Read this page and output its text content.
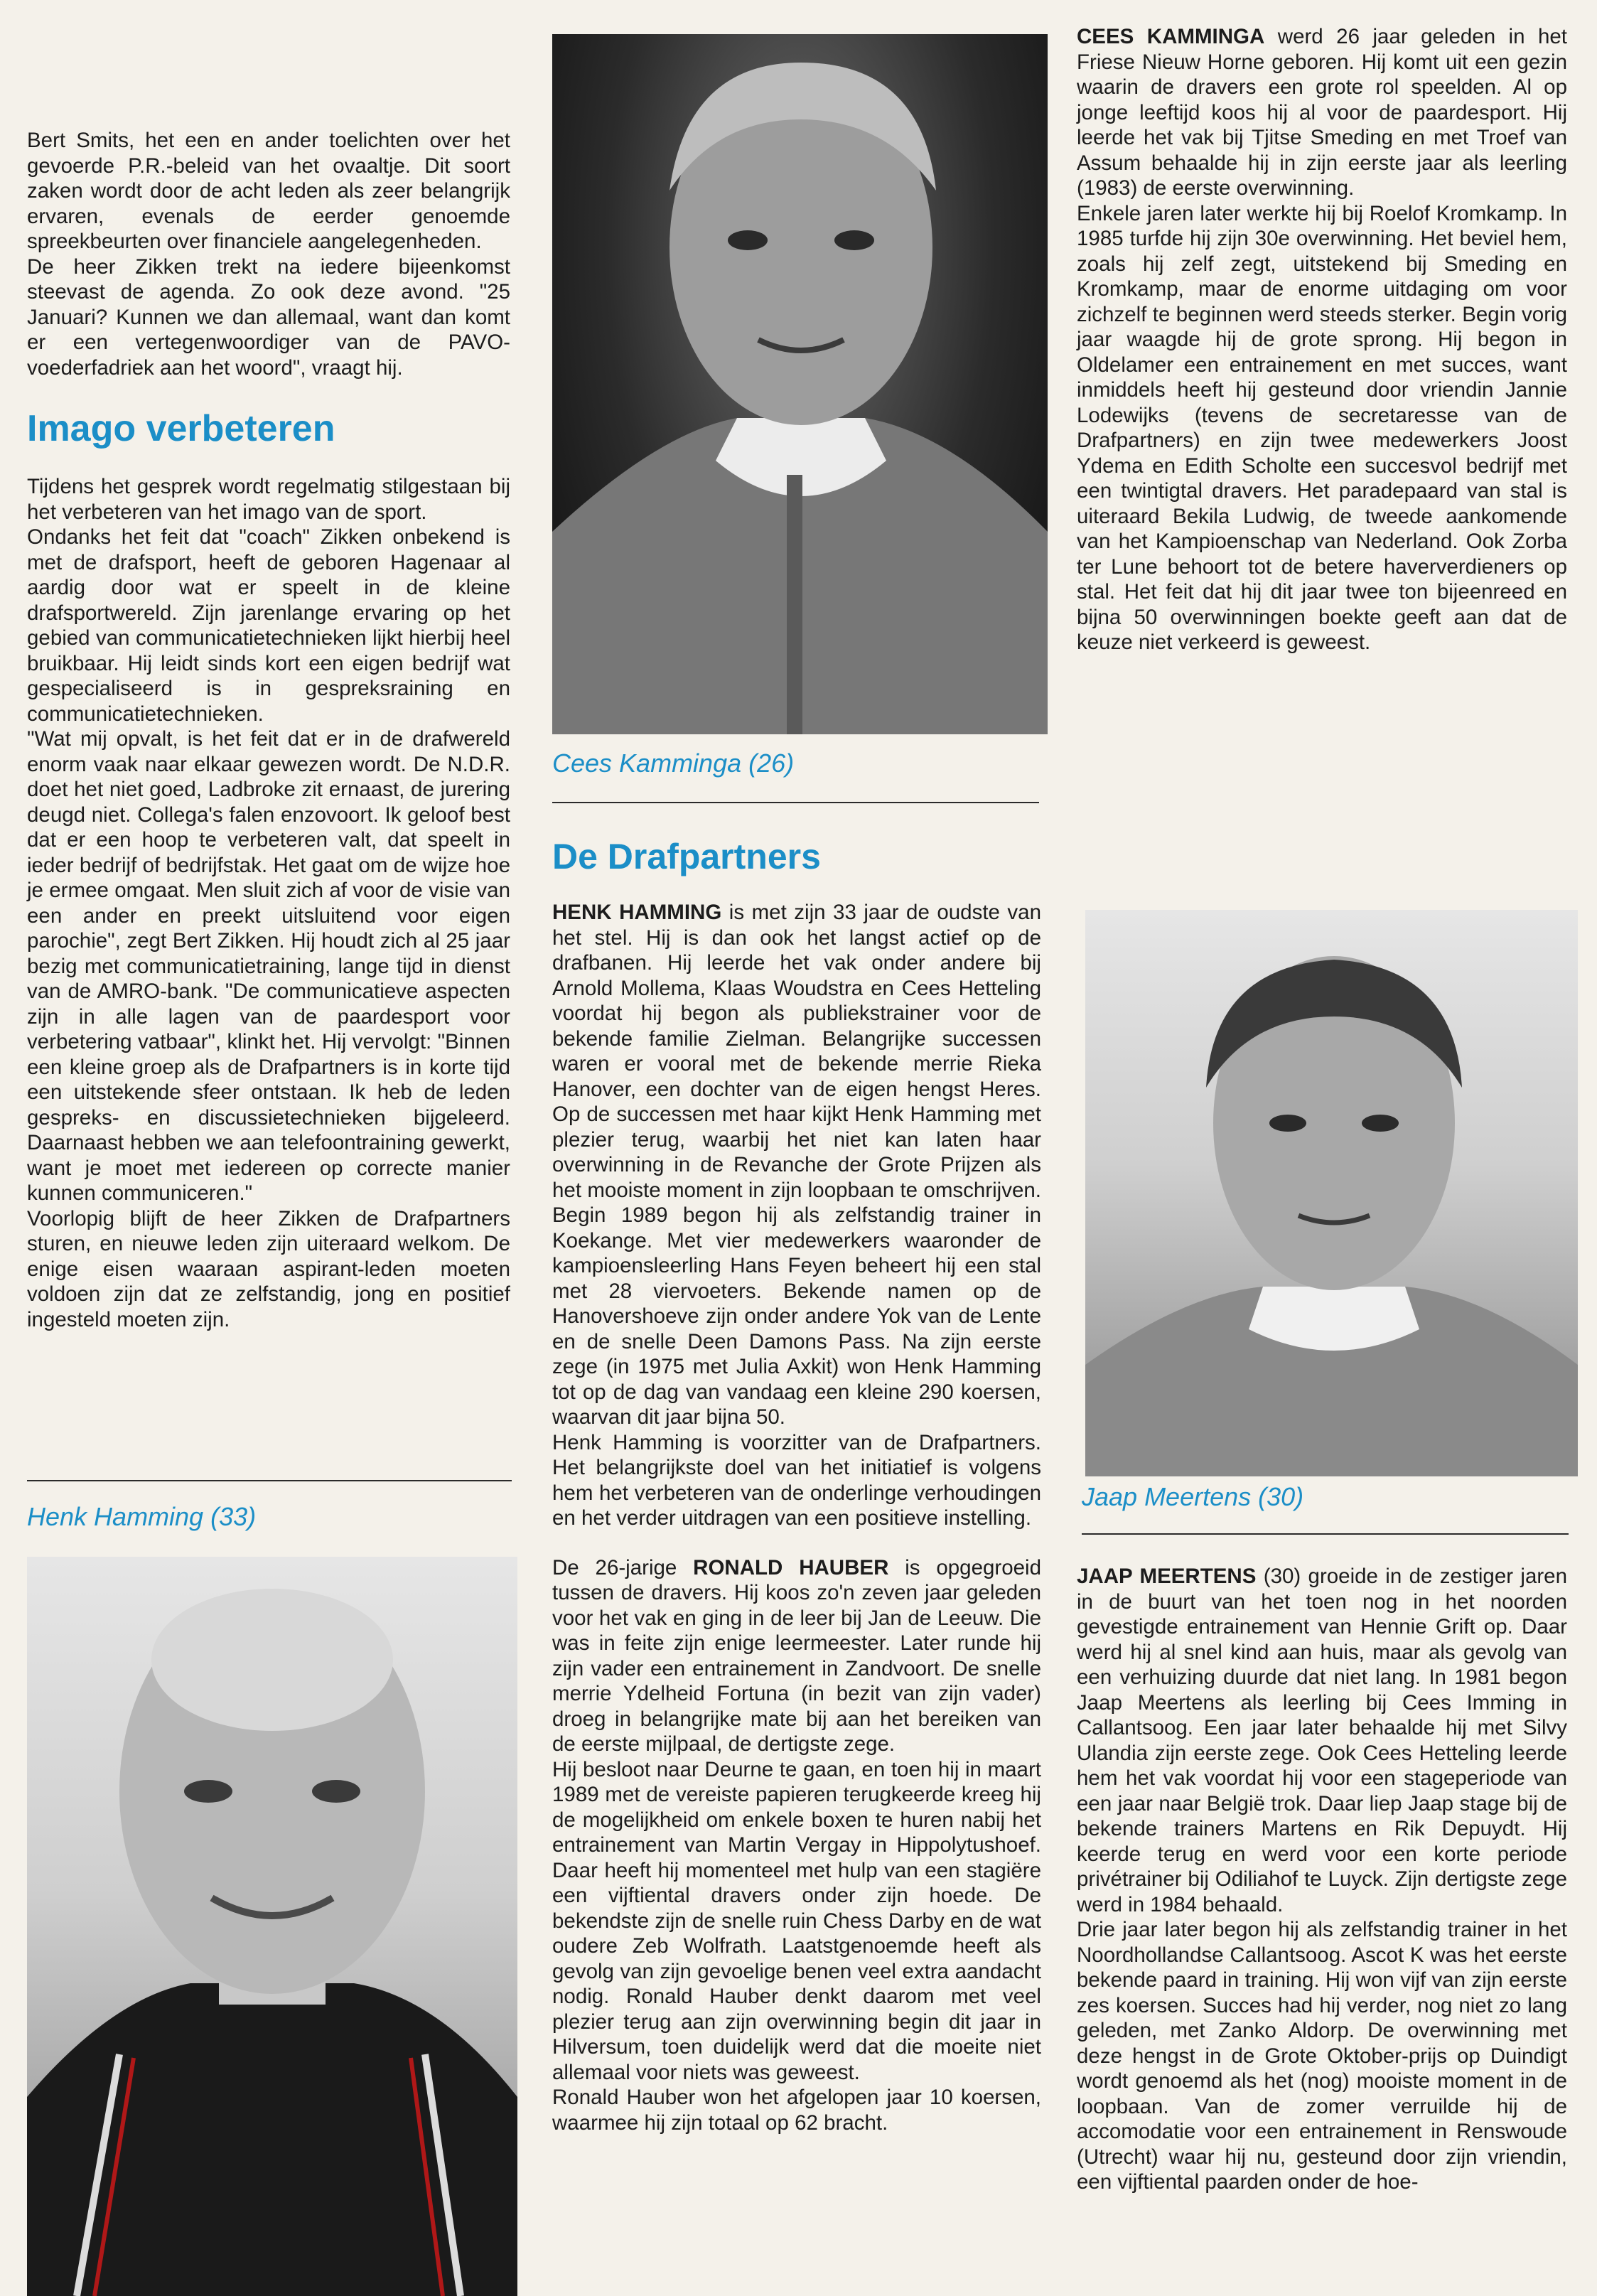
Bert Smits, het een en ander toelichten over het gevoerde P.R.-beleid van het ovaaltje. Dit soort zaken wordt door de acht leden als zeer belangrijk ervaren, evenals de eerder genoemde spreekbeurten over financiele aangelegenheden.

De heer Zikken trekt na iedere bijeenkomst steevast de agenda. Zo ook deze avond. "25 Januari? Kunnen we dan allemaal, want dan komt er een vertegenwoordiger van de PAVO-voederfadriek aan het woord", vraagt hij.

Imago verbeteren

Tijdens het gesprek wordt regelmatig stilgestaan bij het verbeteren van het imago van de sport.

Ondanks het feit dat "coach" Zikken onbekend is met de drafsport, heeft de geboren Hagenaar al aardig door wat er speelt in de kleine drafsportwereld. Zijn jarenlange ervaring op het gebied van communicatietechnieken lijkt hierbij heel bruikbaar. Hij leidt sinds kort een eigen bedrijf wat gespecialiseerd is in gespreksraining en communicatietechnieken.

"Wat mij opvalt, is het feit dat er in de drafwereld enorm vaak naar elkaar gewezen wordt. De N.D.R. doet het niet goed, Ladbroke zit ernaast, de jurering deugd niet. Collega's falen enzovoort. Ik geloof best dat er een hoop te verbeteren valt, dat speelt in ieder bedrijf of bedrijfstak. Het gaat om de wijze hoe je ermee omgaat. Men sluit zich af voor de visie van een ander en preekt uitsluitend voor eigen parochie", zegt Bert Zikken. Hij houdt zich al 25 jaar bezig met communicatietraining, lange tijd in dienst van de AMRO-bank. "De communicatieve aspecten zijn in alle lagen van de paardesport voor verbetering vatbaar", klinkt het. Hij vervolgt: "Binnen een kleine groep als de Drafpartners is in korte tijd een uitstekende sfeer ontstaan. Ik heb de leden gespreks- en discussietechnieken bijgeleerd. Daarnaast hebben we aan telefoontraining gewerkt, want je moet met iedereen op correcte manier kunnen communiceren."

Voorlopig blijft de heer Zikken de Drafpartners sturen, en nieuwe leden zijn uiteraard welkom. De enige eisen waaraan aspirant-leden moeten voldoen zijn dat ze zelfstandig, jong en positief ingesteld moeten zijn.

Henk Hamming (33)
Cees Kamminga (26)
De Drafpartners

HENK HAMMING is met zijn 33 jaar de oudste van het stel. Hij is dan ook het langst actief op de drafbanen. Hij leerde het vak onder andere bij Arnold Mollema, Klaas Woudstra en Cees Hetteling voordat hij begon als publiekstrainer voor de bekende familie Zielman. Belangrijke successen waren er vooral met de bekende merrie Rieka Hanover, een dochter van de eigen hengst Heres. Op de successen met haar kijkt Henk Hamming met plezier terug, waarbij het niet kan laten haar overwinning in de Revanche der Grote Prijzen als het mooiste moment in zijn loopbaan te omschrijven. Begin 1989 begon hij als zelfstandig trainer in Koekange. Met vier medewerkers waaronder de kampioensleerling Hans Feyen beheert hij een stal met 28 viervoeters. Bekende namen op de Hanovershoeve zijn onder andere Yok van de Lente en de snelle Deen Damons Pass. Na zijn eerste zege (in 1975 met Julia Axkit) won Henk Hamming tot op de dag van vandaag een kleine 290 koersen, waarvan dit jaar bijna 50.

Henk Hamming is voorzitter van de Drafpartners. Het belangrijkste doel van het initiatief is volgens hem het verbeteren van de onderlinge verhoudingen en het verder uitdragen van een positieve instelling.

De 26-jarige RONALD HAUBER is opgegroeid tussen de dravers. Hij koos zo'n zeven jaar geleden voor het vak en ging in de leer bij Jan de Leeuw. Die was in feite zijn enige leermeester. Later runde hij zijn vader een entrainement in Zandvoort. De snelle merrie Ydelheid Fortuna (in bezit van zijn vader) droeg in belangrijke mate bij aan het bereiken van de eerste mijlpaal, de dertigste zege.

Hij besloot naar Deurne te gaan, en toen hij in maart 1989 met de vereiste papieren terugkeerde kreeg hij de mogelijkheid om enkele boxen te huren nabij het entrainement van Martin Vergay in Hippolytushoef. Daar heeft hij momenteel met hulp van een stagiëre een vijftiental dravers onder zijn hoede. De bekendste zijn de snelle ruin Chess Darby en de wat oudere Zeb Wolfrath. Laatstgenoemde heeft als gevolg van zijn gevoelige benen veel extra aandacht nodig. Ronald Hauber denkt daarom met veel plezier terug aan zijn overwinning begin dit jaar in Hilversum, toen duidelijk werd dat die moeite niet allemaal voor niets was geweest.

Ronald Hauber won het afgelopen jaar 10 koersen, waarmee hij zijn totaal op 62 bracht.

CEES KAMMINGA werd 26 jaar geleden in het Friese Nieuw Horne geboren. Hij komt uit een gezin waarin de dravers een grote rol speelden. Al op jonge leeftijd koos hij al voor de paardesport. Hij leerde het vak bij Tjitse Smeding en met Troef van Assum behaalde hij in zijn eerste jaar als leerling (1983) de eerste overwinning.

Enkele jaren later werkte hij bij Roelof Kromkamp. In 1985 turfde hij zijn 30e overwinning. Het beviel hem, zoals hij zelf zegt, uitstekend bij Smeding en Kromkamp, maar de enorme uitdaging om voor zichzelf te beginnen werd steeds sterker. Begin vorig jaar waagde hij de grote sprong. Hij begon in Oldelamer een entrainement en met succes, want inmiddels heeft hij gesteund door vriendin Jannie Lodewijks (tevens de secretaresse van de Drafpartners) en zijn twee medewerkers Joost Ydema en Edith Scholte een succesvol bedrijf met een twintigtal dravers. Het paradepaard van stal is uiteraard Bekila Ludwig, de tweede aankomende van het Kampioenschap van Nederland. Ook Zorba ter Lune behoort tot de betere haververdieners op stal. Het feit dat hij dit jaar twee ton bijeenreed en bijna 50 overwinningen boekte geeft aan dat de keuze niet verkeerd is geweest.

Jaap Meertens (30)

JAAP MEERTENS (30) groeide in de zestiger jaren in de buurt van het toen nog in het noorden gevestigde entrainement van Hennie Grift op. Daar werd hij al snel kind aan huis, maar als gevolg van een verhuizing duurde dat niet lang. In 1981 begon Jaap Meertens als leerling bij Cees Imming in Callantsoog. Een jaar later behaalde hij met Silvy Ulandia zijn eerste zege. Ook Cees Hetteling leerde hem het vak voordat hij voor een stageperiode van een jaar naar België trok. Daar liep Jaap stage bij de bekende trainers Martens en Rik Depuydt. Hij keerde terug en werd voor een korte periode privétrainer bij Odiliahof te Luyck. Zijn dertigste zege werd in 1984 behaald.

Drie jaar later begon hij als zelfstandig trainer in het Noordhollandse Callantsoog. Ascot K was het eerste bekende paard in training. Hij won vijf van zijn eerste zes koersen. Succes had hij verder, nog niet zo lang geleden, met Zanko Aldorp. De overwinning met deze hengst in de Grote Oktober-prijs op Duindigt wordt genoemd als het (nog) mooiste moment in de loopbaan. Van de zomer verruilde hij de accomodatie voor een entrainement in Renswoude (Utrecht) waar hij nu, gesteund door zijn vriendin, een vijftiental paarden onder de hoe-
